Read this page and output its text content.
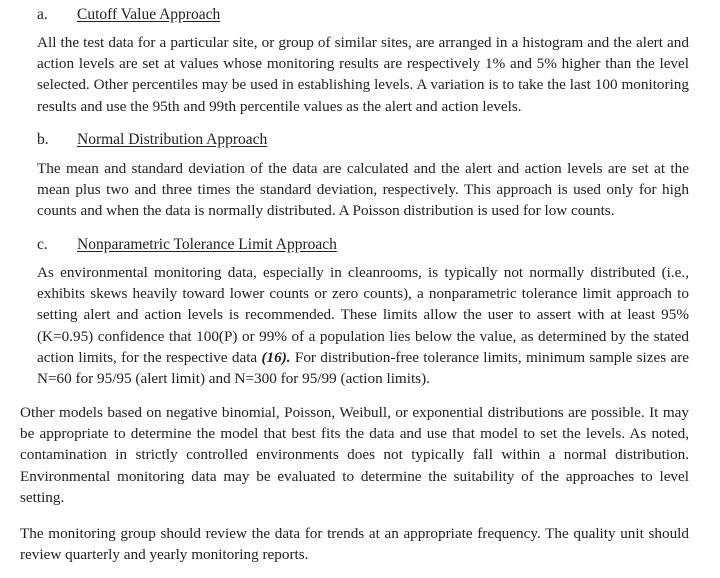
a. Cutoff Value Approach

All the test data for a particular site, or group of similar sites, are arranged in a histogram and the alert and action levels are set at values whose monitoring results are respectively 1% and 5% higher than the level selected. Other percentiles may be used in establishing levels. A variation is to take the last 100 monitoring results and use the 95th and 99th percentile values as the alert and action levels.

b. Normal Distribution Approach

The mean and standard deviation of the data are calculated and the alert and action levels are set at the mean plus two and three times the standard deviation, respectively. This approach is used only for high counts and when the data is normally distributed. A Poisson distribution is used for low counts.

c. Nonparametric Tolerance Limit Approach

As environmental monitoring data, especially in cleanrooms, is typically not normally distributed (i.e., exhibits skews heavily toward lower counts or zero counts), a nonparametric tolerance limit approach to setting alert and action levels is recommended. These limits allow the user to assert with at least 95% (K=0.95) confidence that 100(P) or 99% of a population lies below the value, as determined by the stated action limits, for the respective data (16). For distribution-free tolerance limits, minimum sample sizes are N=60 for 95/95 (alert limit) and N=300 for 95/99 (action limits).

Other models based on negative binomial, Poisson, Weibull, or exponential distributions are possible. It may be appropriate to determine the model that best fits the data and use that model to set the levels. As noted, contamination in strictly controlled environments does not typically fall within a normal distribution. Environmental monitoring data may be evaluated to determine the suitability of the approaches to level setting.

The monitoring group should review the data for trends at an appropriate frequency. The quality unit should review quarterly and yearly monitoring reports.
